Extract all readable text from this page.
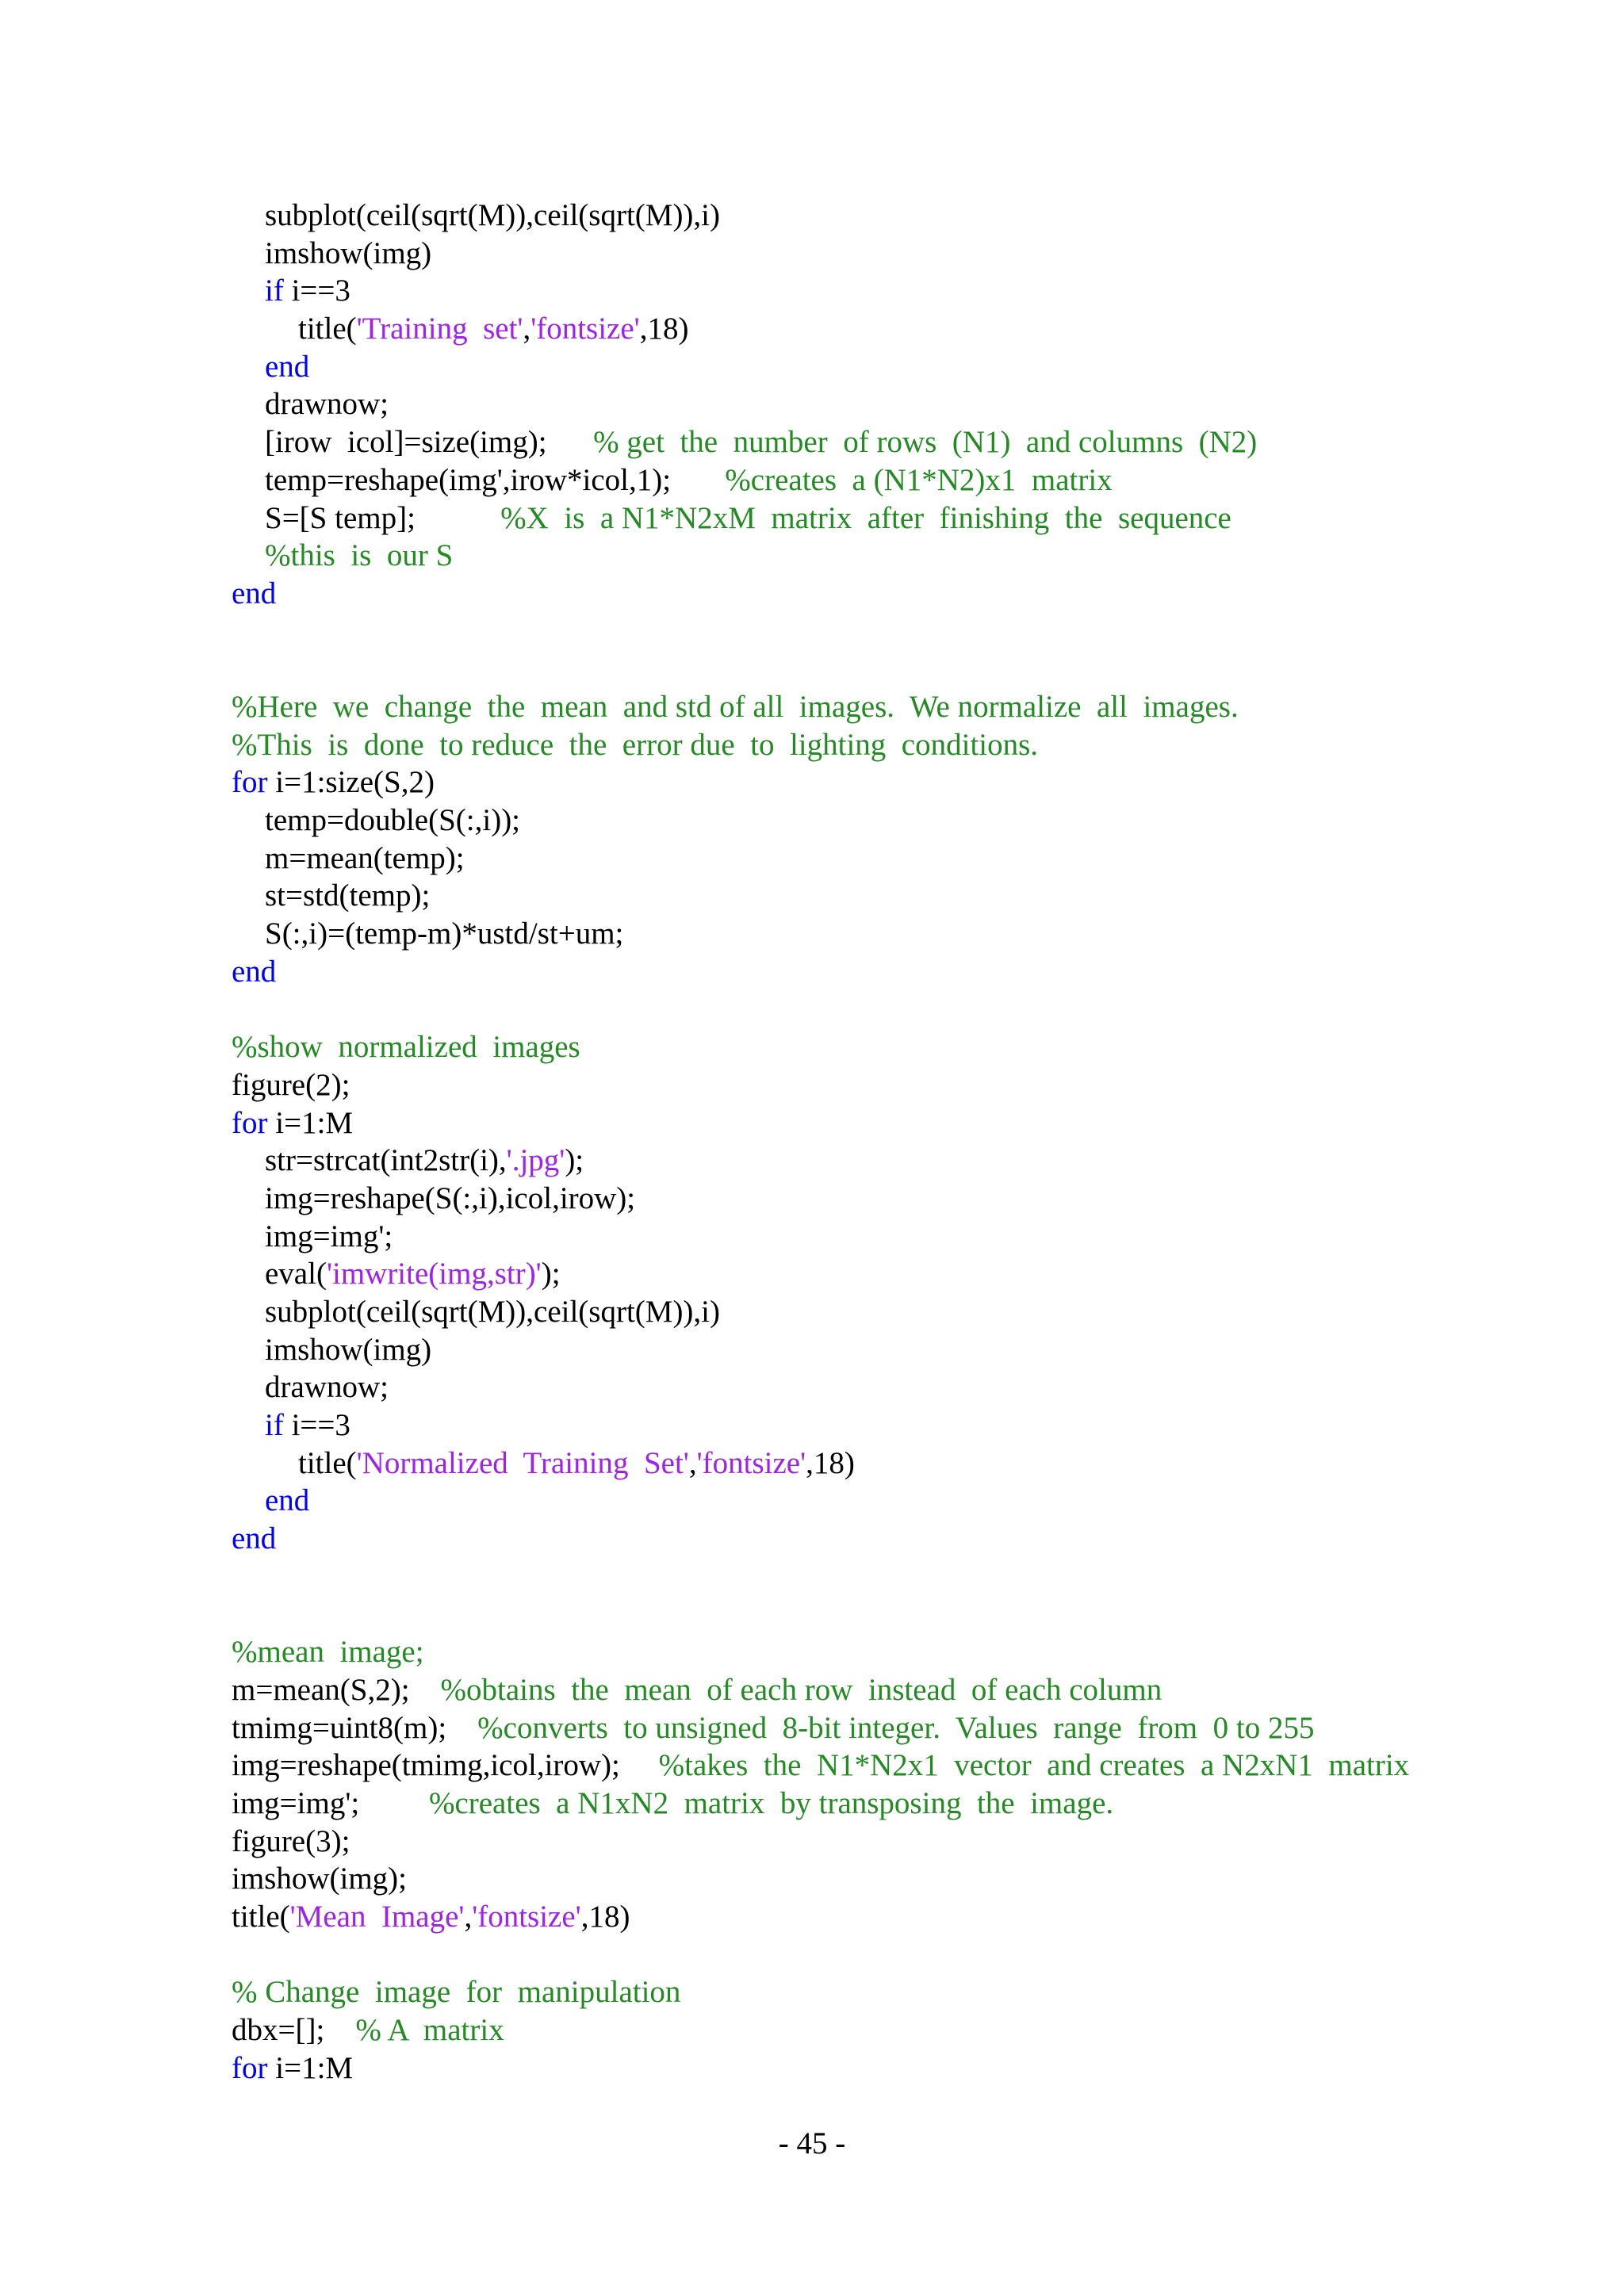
subplot(ceil(sqrt(M)),ceil(sqrt(M)),i)
imshow(img)
if i==3
title('Training  set','fontsize',18)
end
drawnow;
[irow  icol]=size(img);      % get  the  number  of rows  (N1)  and columns  (N2)
temp=reshape(img',irow*icol,1);       %creates  a (N1*N2)x1  matrix
S=[S temp];           %X  is  a N1*N2xM  matrix  after  finishing  the  sequence
%this  is  our S
end
%Here  we  change  the  mean  and std of all  images.  We normalize  all  images.
%This  is  done  to reduce  the  error due  to  lighting  conditions.
for i=1:size(S,2)
temp=double(S(:,i));
m=mean(temp);
st=std(temp);
S(:,i)=(temp-m)*ustd/st+um;
end
%show  normalized  images
figure(2);
for i=1:M
str=strcat(int2str(i),'.jpg');
img=reshape(S(:,i),icol,irow);
img=img';
eval('imwrite(img,str)');
subplot(ceil(sqrt(M)),ceil(sqrt(M)),i)
imshow(img)
drawnow;
if i==3
title('Normalized  Training  Set','fontsize',18)
end
end
%mean  image;
m=mean(S,2);    %obtains  the  mean  of each row  instead  of each column
tmimg=uint8(m);    %converts  to unsigned  8-bit integer.  Values  range  from  0 to 255
img=reshape(tmimg,icol,irow);     %takes  the  N1*N2x1  vector  and creates  a N2xN1  matrix
img=img';         %creates  a N1xN2  matrix  by transposing  the  image.
figure(3);
imshow(img);
title('Mean  Image','fontsize',18)
% Change  image  for  manipulation
dbx=[];    % A  matrix
for i=1:M
- 45 -
